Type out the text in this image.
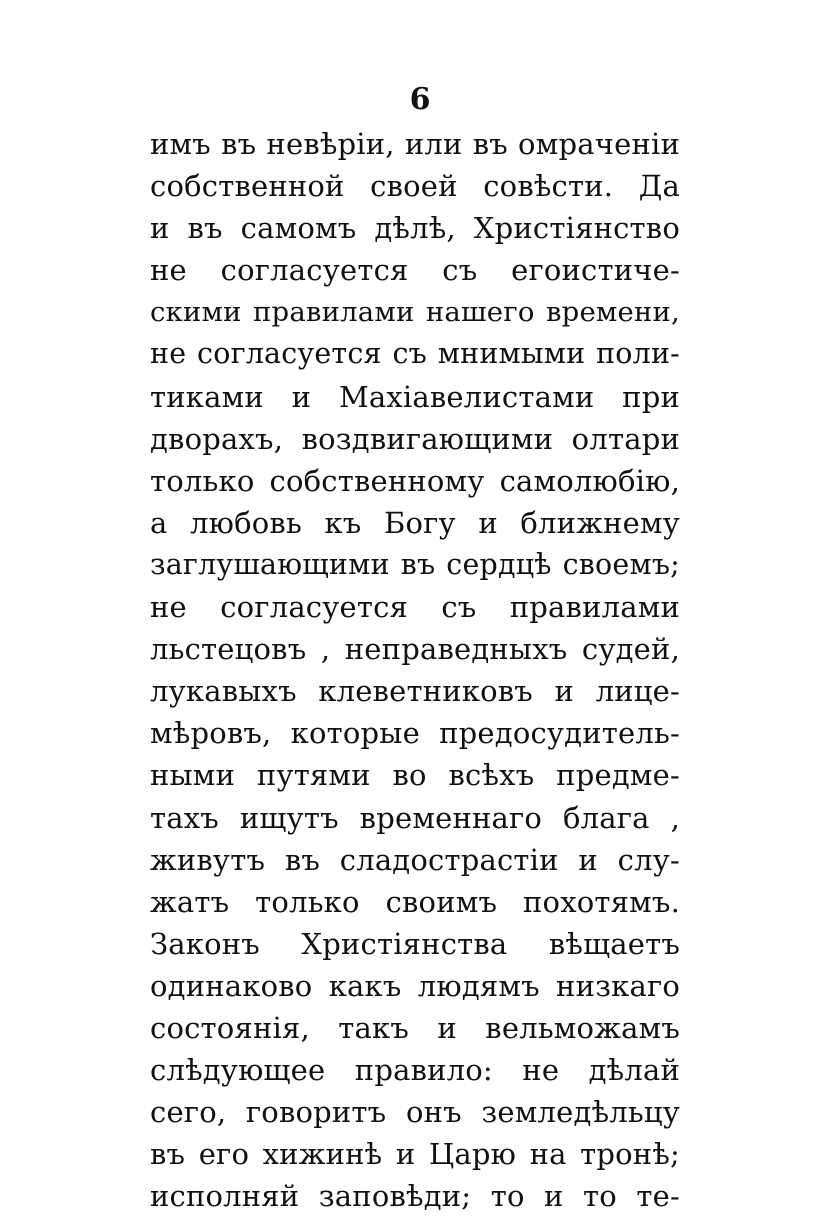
6
имъ въ невѣріи, или въ омраченіи
собственной своей совѣсти. Да
и въ самомъ дѣлѣ, Христіянство
не согласуется съ егоистиче-
скими правилами нашего времени,
не согласуется съ мнимыми поли-
тиками и Махіавелистами при
дворахъ, воздвигающими олтари
только собственному самолюбію,
а любовь къ Богу и ближнему
заглушающими въ сердцѣ своемъ;
не согласуется съ правилами
льстецовъ , неправедныхъ судей,
лукавыхъ клеветниковъ и лице-
мѣровъ, которые предосудитель-
ными путями во всѣхъ предме-
тахъ ищутъ временнаго блага ,
живутъ въ сладострастіи и слу-
жатъ только своимъ похотямъ.
Законъ Христіянства вѣщаетъ
одинаково какъ людямъ низкаго
состоянія, такъ и вельможамъ
слѣдующее правило: не дѣлай
сего, говоритъ онъ земледѣльцу
въ его хижинѣ и Царю на тронѣ;
исполняй заповѣди; то и то те-
